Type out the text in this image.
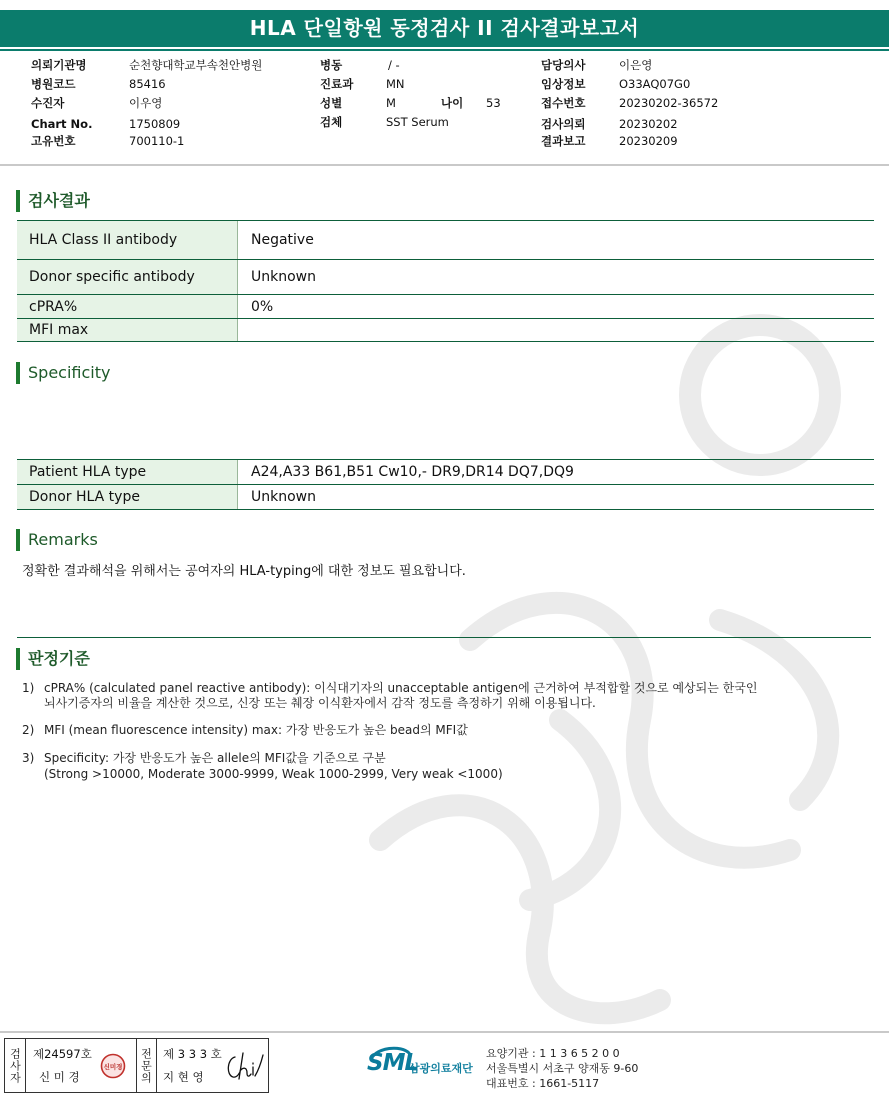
HLA 단일항원 동정검사 II 검사결과보고서
의뢰기관명	순천향대학교부속천안병원
병원코드	85416
수진자	이우영
Chart No.	1750809
고유번호	700110-1
병동	/ -
진료과	MN
성별	M	나이 53
검체	SST Serum
담당의사	이은영
임상정보	O33AQ07G0
접수번호	20230202-36572
검사의뢰	20230202
결과보고	20230209
검사결과
HLA Class II antibody	Negative
Donor specific antibody	Unknown
cPRA%	0%
MFI max
Specificity
Patient HLA type	A24,A33 B61,B51 Cw10,- DR9,DR14 DQ7,DQ9
Donor HLA type	Unknown
Remarks
정확한 결과해석을 위해서는 공여자의 HLA-typing에 대한 정보도 필요합니다.
판정기준
1) cPRA% (calculated panel reactive antibody): 이식대기자의 unacceptable antigen에 근거하여 부적합할 것으로 예상되는 한국인
뇌사기증자의 비율을 계산한 것으로, 신장 또는 췌장 이식환자에서 감작 정도를 측정하기 위해 이용됩니다.
2) MFI (mean fluorescence intensity) max: 가장 반응도가 높은 bead의 MFI값
3) Specificity: 가장 반응도가 높은 allele의 MFI값을 기준으로 구분
(Strong >10000, Moderate 3000-9999, Weak 1000-2999, Very weak <1000)
검사자 제24597호
신 미 경
신미경 전문의 제 3 3 3 호
지 현 영
SML
삼광의료재단
요양기관 : 1 1 3 6 5 2 0 0
서울특별시 서초구 양재동 9-60
대표번호 : 1661-5117
